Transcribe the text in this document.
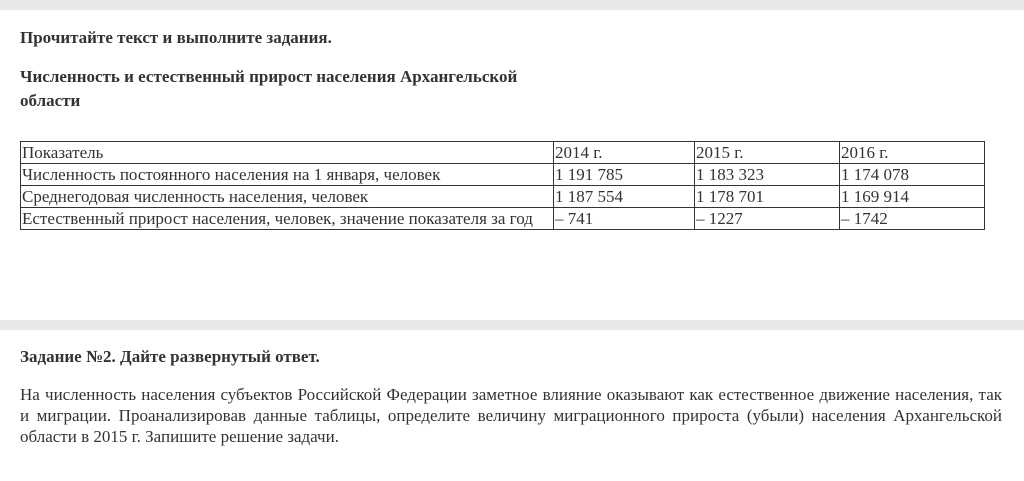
Прочитайте текст и выполните задания.
Численность и естественный прирост населения Архангельской области
Показатель	2014 г.	2015 г.	2016 г.
Численность постоянного населения на 1 января, человек	1 191 785	1 183 323	1 174 078
Среднегодовая численность населения, человек	1 187 554	1 178 701	1 169 914
Естественный прирост населения, человек, значение показателя за год	– 741	– 1227	– 1742
Задание №2. Дайте развернутый ответ.
На численность населения субъектов Российской Федерации заметное влияние оказывают как естественное движение населения, так и миграции. Проанализировав данные таблицы, определите величину миграционного прироста (убыли) населения Архангельской области в 2015 г. Запишите решение задачи.
